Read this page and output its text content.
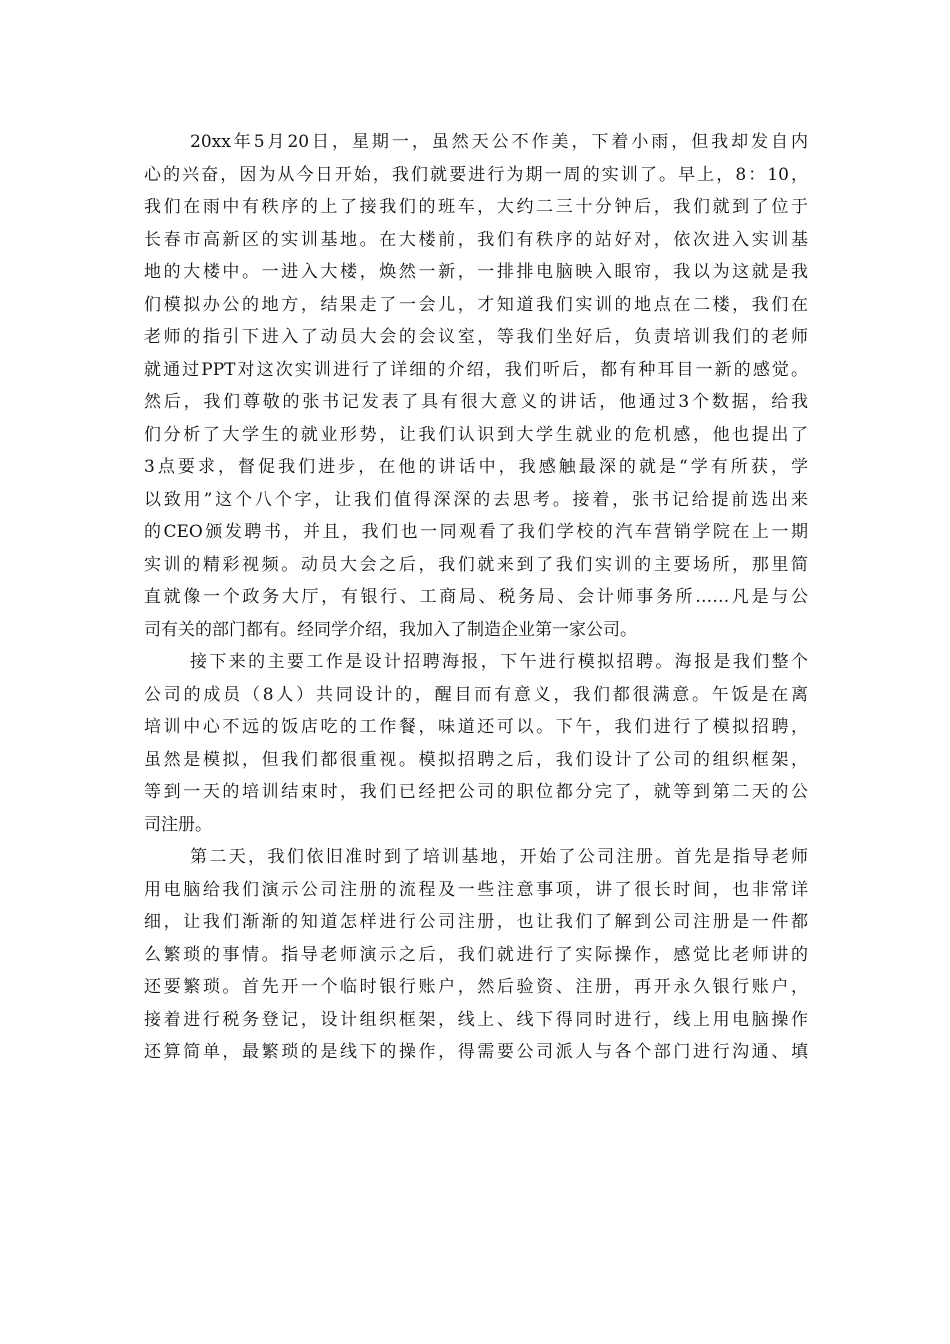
20xx年5月20日，星期一，虽然天公不作美，下着小雨，但我却发自内
心的兴奋，因为从今日开始，我们就要进行为期一周的实训了。早上，8：10，
我们在雨中有秩序的上了接我们的班车，大约二三十分钟后，我们就到了位于
长春市高新区的实训基地。在大楼前，我们有秩序的站好对，依次进入实训基
地的大楼中。一进入大楼，焕然一新，一排排电脑映入眼帘，我以为这就是我
们模拟办公的地方，结果走了一会儿，才知道我们实训的地点在二楼，我们在
老师的指引下进入了动员大会的会议室，等我们坐好后，负责培训我们的老师
就通过PPT对这次实训进行了详细的介绍，我们听后，都有种耳目一新的感觉。
然后，我们尊敬的张书记发表了具有很大意义的讲话，他通过3个数据，给我
们分析了大学生的就业形势，让我们认识到大学生就业的危机感，他也提出了
3点要求，督促我们进步，在他的讲话中，我感触最深的就是“学有所获，学
以致用”这个八个字，让我们值得深深的去思考。接着，张书记给提前选出来
的CEO颁发聘书，并且，我们也一同观看了我们学校的汽车营销学院在上一期
实训的精彩视频。动员大会之后，我们就来到了我们实训的主要场所，那里简
直就像一个政务大厅，有银行、工商局、税务局、会计师事务所……凡是与公
司有关的部门都有。经同学介绍，我加入了制造企业第一家公司。
接下来的主要工作是设计招聘海报，下午进行模拟招聘。海报是我们整个
公司的成员（8人）共同设计的，醒目而有意义，我们都很满意。午饭是在离
培训中心不远的饭店吃的工作餐，味道还可以。下午，我们进行了模拟招聘，
虽然是模拟，但我们都很重视。模拟招聘之后，我们设计了公司的组织框架，
等到一天的培训结束时，我们已经把公司的职位都分完了，就等到第二天的公
司注册。
第二天，我们依旧准时到了培训基地，开始了公司注册。首先是指导老师
用电脑给我们演示公司注册的流程及一些注意事项，讲了很长时间，也非常详
细，让我们渐渐的知道怎样进行公司注册，也让我们了解到公司注册是一件都
么繁琐的事情。指导老师演示之后，我们就进行了实际操作，感觉比老师讲的
还要繁琐。首先开一个临时银行账户，然后验资、注册，再开永久银行账户，
接着进行税务登记，设计组织框架，线上、线下得同时进行，线上用电脑操作
还算简单，最繁琐的是线下的操作，得需要公司派人与各个部门进行沟通、填
